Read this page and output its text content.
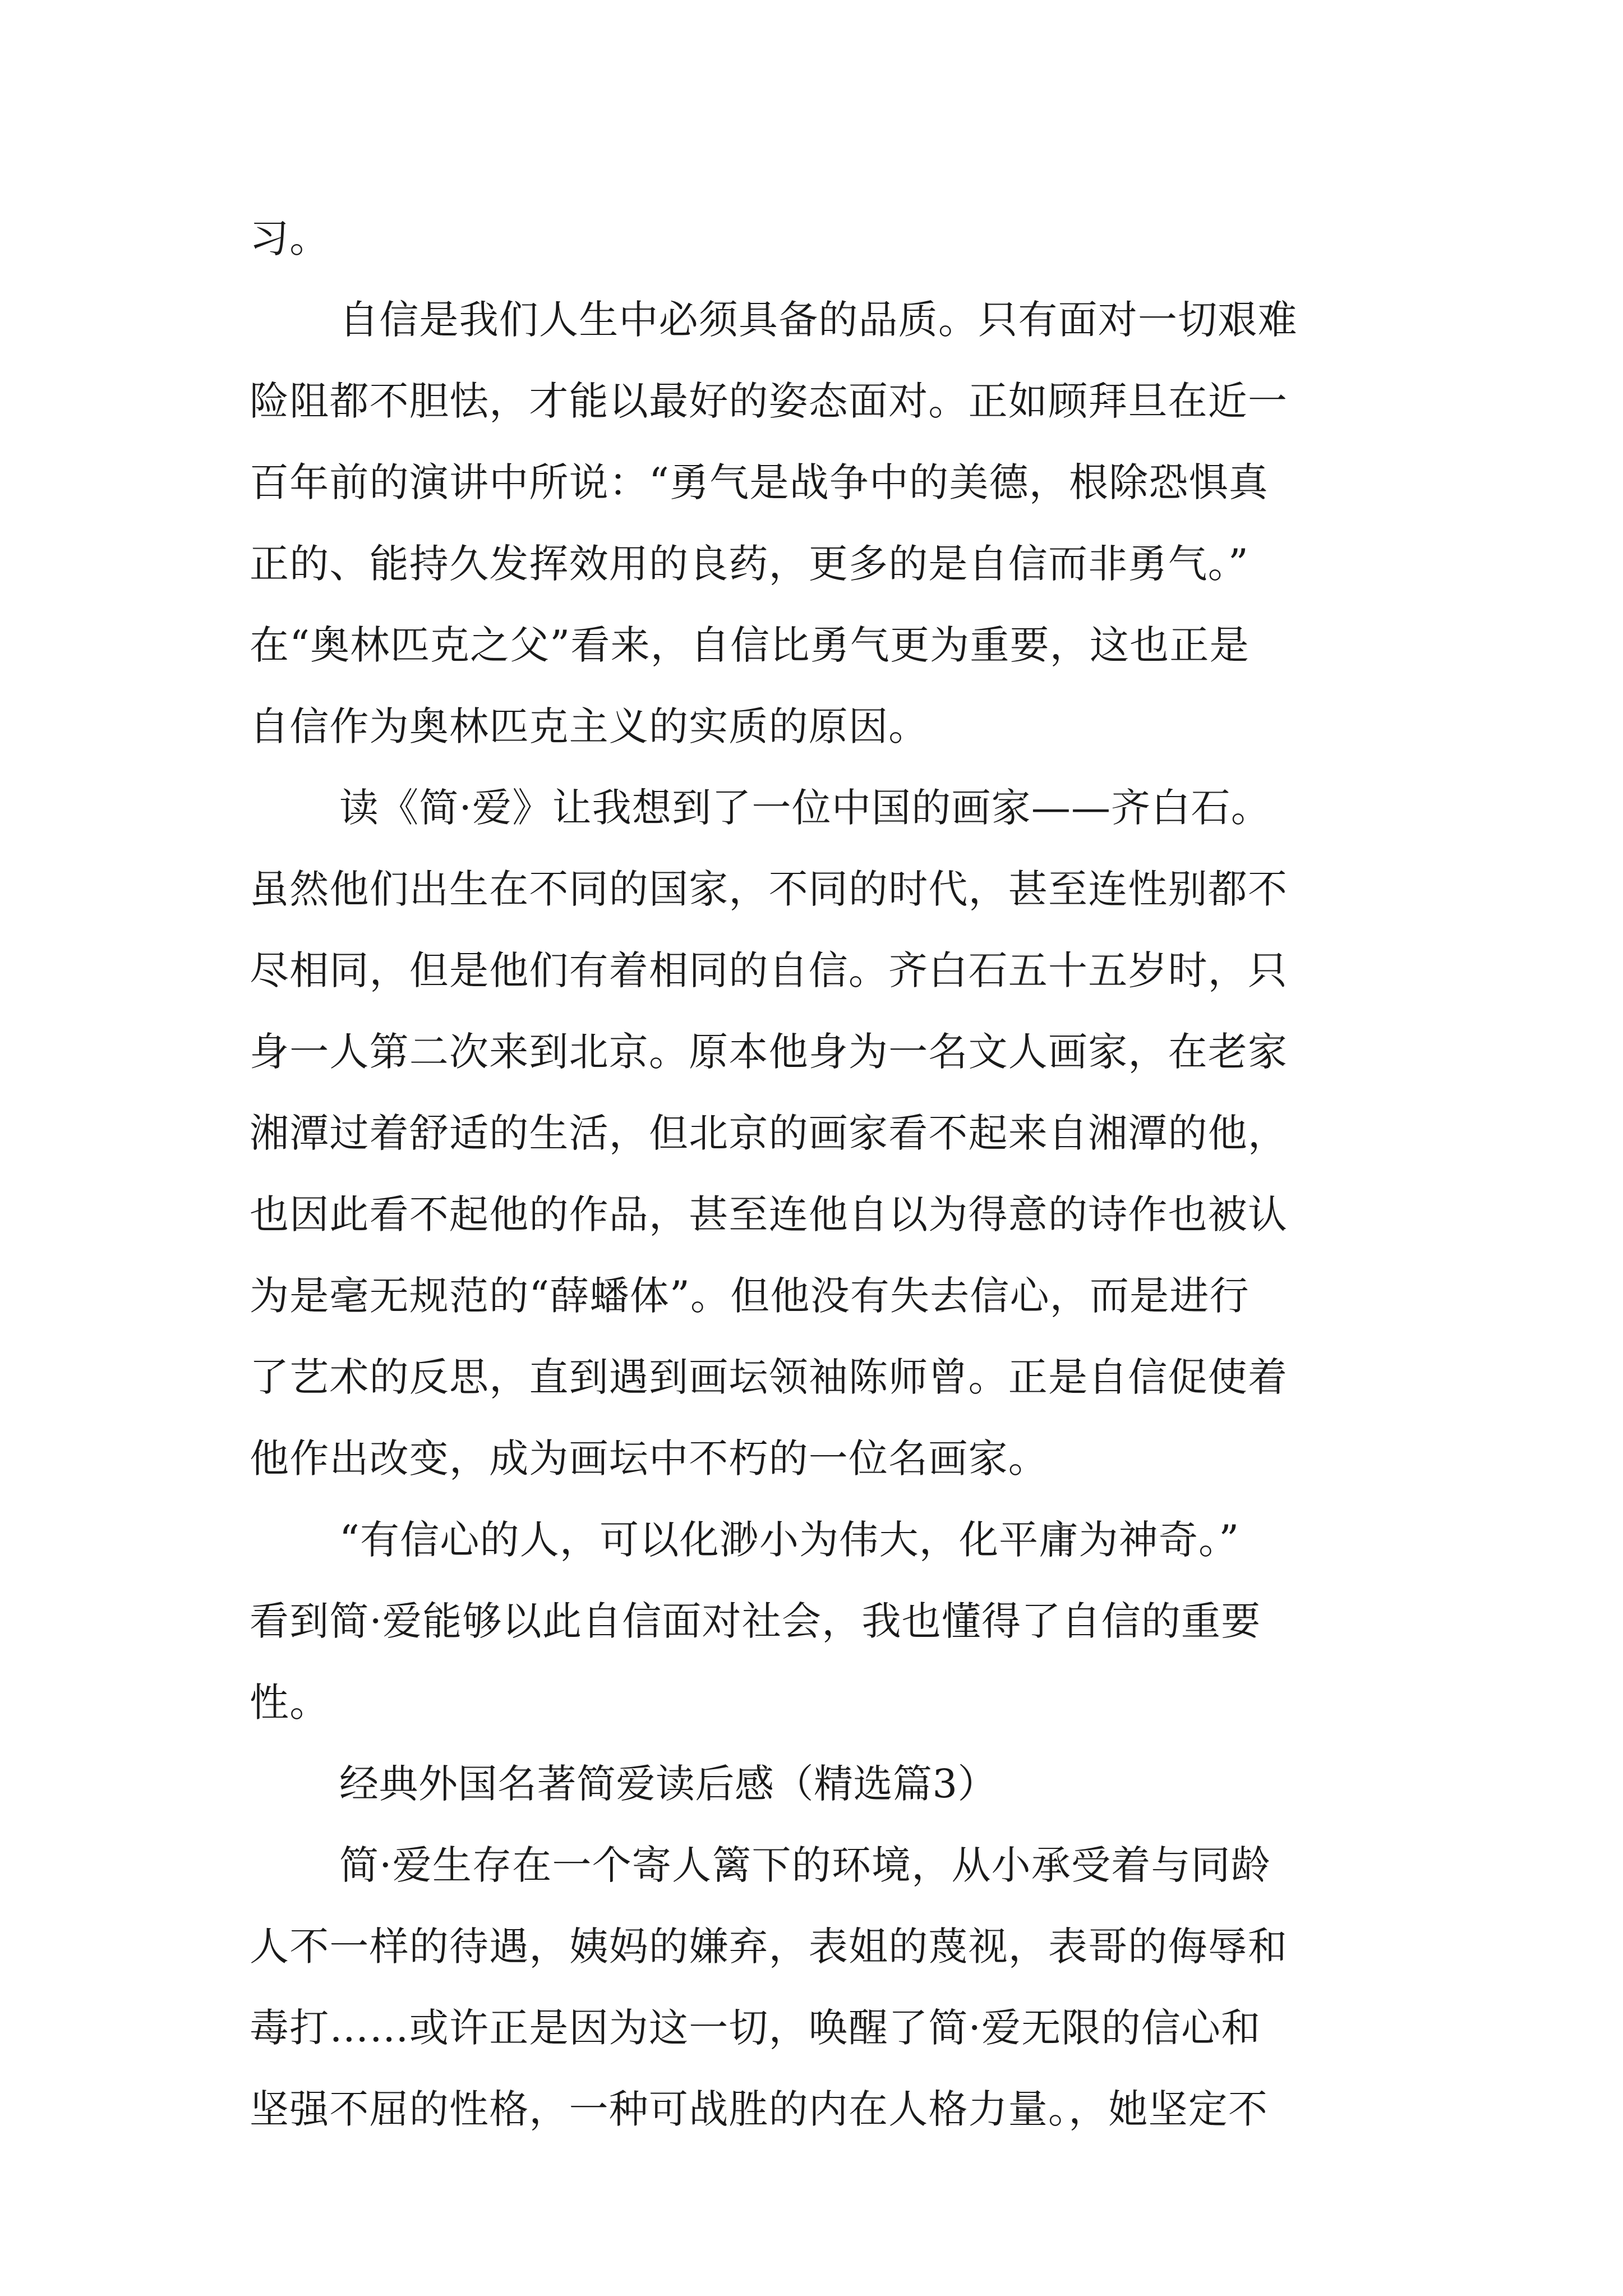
习。
自信是我们人生中必须具备的品质。只有面对一切艰难
险阻都不胆怯，才能以最好的姿态面对。正如顾拜旦在近一
百年前的演讲中所说：“勇气是战争中的美德，根除恐惧真
正的、能持久发挥效用的良药，更多的是自信而非勇气。”
在“奥林匹克之父”看来，自信比勇气更为重要，这也正是
自信作为奥林匹克主义的实质的原因。
读《简·爱》让我想到了一位中国的画家——齐白石。
虽然他们出生在不同的国家，不同的时代，甚至连性别都不
尽相同，但是他们有着相同的自信。齐白石五十五岁时，只
身一人第二次来到北京。原本他身为一名文人画家，在老家
湘潭过着舒适的生活，但北京的画家看不起来自湘潭的他，
也因此看不起他的作品，甚至连他自以为得意的诗作也被认
为是毫无规范的“薛蟠体”。但他没有失去信心，而是进行
了艺术的反思，直到遇到画坛领袖陈师曾。正是自信促使着
他作出改变，成为画坛中不朽的一位名画家。
“有信心的人，可以化渺小为伟大，化平庸为神奇。”
看到简·爱能够以此自信面对社会，我也懂得了自信的重要
性。
经典外国名著简爱读后感（精选篇3）
简·爱生存在一个寄人篱下的环境，从小承受着与同龄
人不一样的待遇，姨妈的嫌弃，表姐的蔑视，表哥的侮辱和
毒打……或许正是因为这一切，唤醒了简·爱无限的信心和
坚强不屈的性格，一种可战胜的内在人格力量。，她坚定不
